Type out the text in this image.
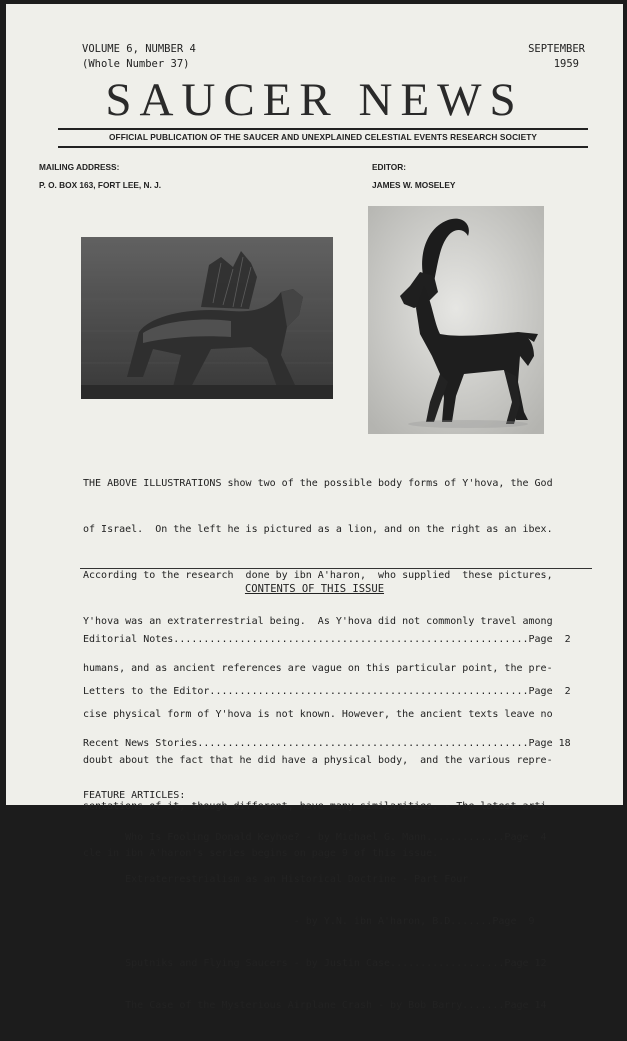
VOLUME 6, NUMBER 4
(Whole Number 37)
SEPTEMBER
1959
SAUCER NEWS
OFFICIAL PUBLICATION OF THE SAUCER AND UNEXPLAINED CELESTIAL EVENTS RESEARCH SOCIETY
MAILING ADDRESS:
P. O. BOX 163, FORT LEE, N. J.
EDITOR:
JAMES W. MOSELEY

THE ABOVE ILLUSTRATIONS show two of the possible body forms of Y'hova, the God

of Israel.  On the left he is pictured as a lion, and on the right as an ibex.

According to the research  done by ibn A'haron,  who supplied  these pictures,

Y'hova was an extraterrestrial being.  As Y'hova did not commonly travel among

humans, and as ancient references are vague on this particular point, the pre-

cise physical form of Y'hova is not known. However, the ancient texts leave no

doubt about the fact that he did have a physical body,  and the various repre-

sentations of it, though different, have many similarities. - The latest arti-

cle in ibn A'haron's series begins on page 9 of this issue.

CONTENTS OF THIS ISSUE

Editorial Notes...........................................................Page  2

Letters to the Editor.....................................................Page  2

Recent News Stories.......................................................Page 18

FEATURE ARTICLES:

Who Is Fooling Donald Keyhoe? - by Michael G. Mann.............Page  4

Extraterrestrialism as an Historical Doctrine - Part Four

- by Y.N. ibn A'haron, B.D.......Page  9

Sputniks and Flying Saucers - by Justin Case...................Page 12

The Case of the Mysterious Airplane Crash - by Bob Barry.......Page 14
